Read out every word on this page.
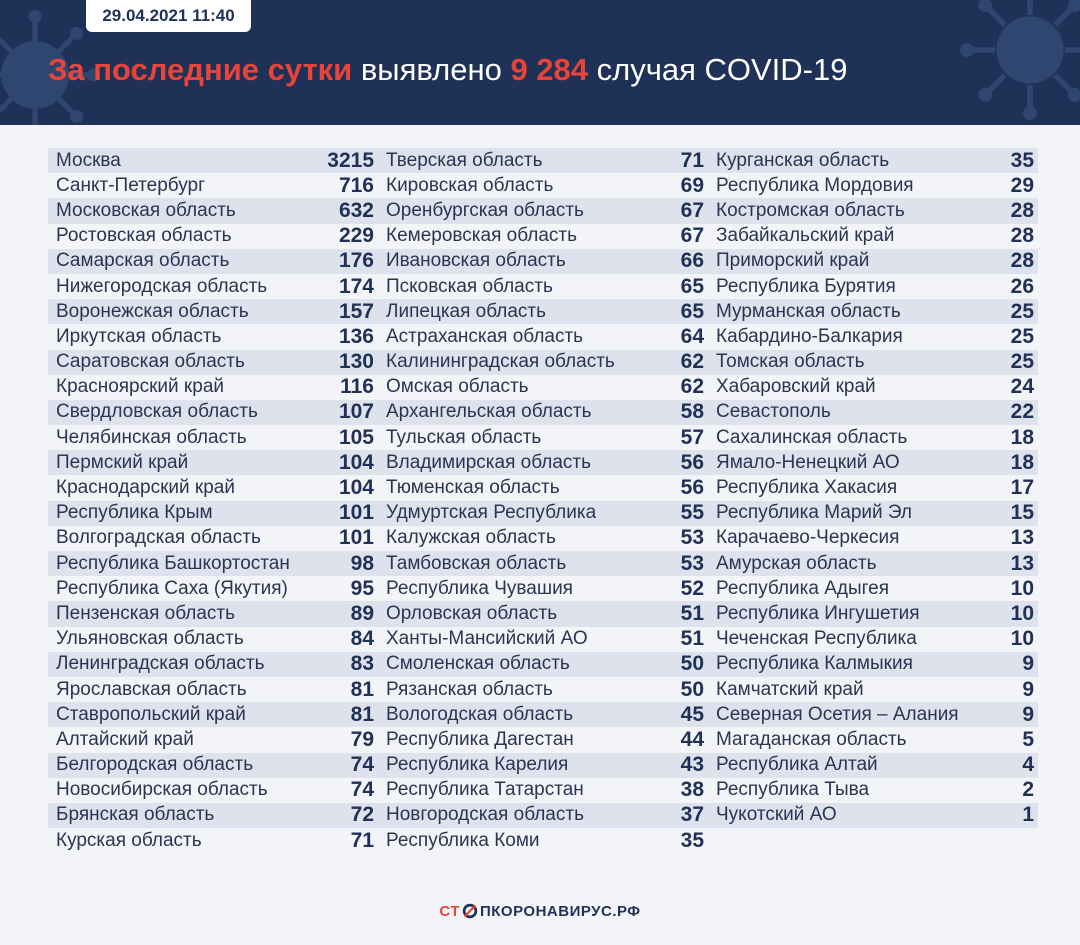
29.04.2021 11:40
За последние сутки выявлено 9 284 случая COVID-19
Москва	3215
Санкт-Петербург	716
Московская область	632
Ростовская область	229
Самарская область	176
Нижегородская область	174
Воронежская область	157
Иркутская область	136
Саратовская область	130
Красноярский край	116
Свердловская область	107
Челябинская область	105
Пермский край	104
Краснодарский край	104
Республика Крым	101
Волгоградская область	101
Республика Башкортостан	98
Республика Саха (Якутия)	95
Пензенская область	89
Ульяновская область	84
Ленинградская область	83
Ярославская область	81
Ставропольский край	81
Алтайский край	79
Белгородская область	74
Новосибирская область	74
Брянская область	72
Курская область	71
Тверская область	71
Кировская область	69
Оренбургская область	67
Кемеровская область	67
Ивановская область	66
Псковская область	65
Липецкая область	65
Астраханская область	64
Калининградская область	62
Омская область	62
Архангельская область	58
Тульская область	57
Владимирская область	56
Тюменская область	56
Удмуртская Республика	55
Калужская область	53
Тамбовская область	53
Республика Чувашия	52
Орловская область	51
Ханты-Мансийский АО	51
Смоленская область	50
Рязанская область	50
Вологодская область	45
Республика Дагестан	44
Республика Карелия	43
Республика Татарстан	38
Новгородская область	37
Республика Коми	35
Курганская область	35
Республика Мордовия	29
Костромская область	28
Забайкальский край	28
Приморский край	28
Республика Бурятия	26
Мурманская область	25
Кабардино-Балкария	25
Томская область	25
Хабаровский край	24
Севастополь	22
Сахалинская область	18
Ямало-Ненецкий АО	18
Республика Хакасия	17
Республика Марий Эл	15
Карачаево-Черкесия	13
Амурская область	13
Республика Адыгея	10
Республика Ингушетия	10
Чеченская Республика	10
Республика Калмыкия	9
Камчатский край	9
Северная Осетия – Алания	9
Магаданская область	5
Республика Алтай	4
Республика Тыва	2
Чукотский АО	1
СТ ПКОРОНАВИРУС.РФ
